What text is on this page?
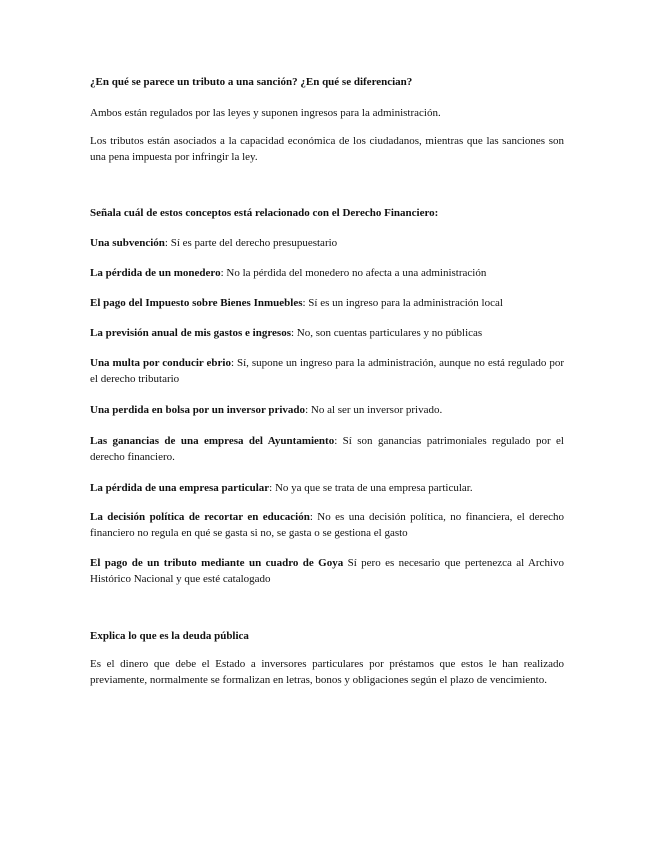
¿En qué se parece un tributo a una sanción? ¿En qué se diferencian?

Ambos están regulados por las leyes y suponen ingresos para la administración.

Los tributos están asociados a la capacidad económica de los ciudadanos, mientras que las sanciones son una pena impuesta por infringir la ley.

Señala cuál de estos conceptos está relacionado con el Derecho Financiero:

Una subvención: Sí es parte del derecho presupuestario

La pérdida de un monedero: No la pérdida del monedero no afecta a una administración

El pago del Impuesto sobre Bienes Inmuebles: Sí es un ingreso para la administración local

La previsión anual de mis gastos e ingresos: No, son cuentas particulares y no públicas

Una multa por conducir ebrio: Sí, supone un ingreso para la administración, aunque no está regulado por el derecho tributario

Una perdida en bolsa por un inversor privado: No al ser un inversor privado.

Las ganancias de una empresa del Ayuntamiento: Sí son ganancias patrimoniales regulado por el derecho financiero.

La pérdida de una empresa particular: No ya que se trata de una empresa particular.

La decisión política de recortar en educación: No es una decisión política, no financiera, el derecho financiero no regula en qué se gasta si no, se gasta o se gestiona el gasto

El pago de un tributo mediante un cuadro de Goya Sí pero es necesario que pertenezca al Archivo Histórico Nacional y que esté catalogado

Explica lo que es la deuda pública

Es el dinero que debe el Estado a inversores particulares por préstamos que estos le han realizado previamente, normalmente se formalizan en letras, bonos y obligaciones según el plazo de vencimiento.
